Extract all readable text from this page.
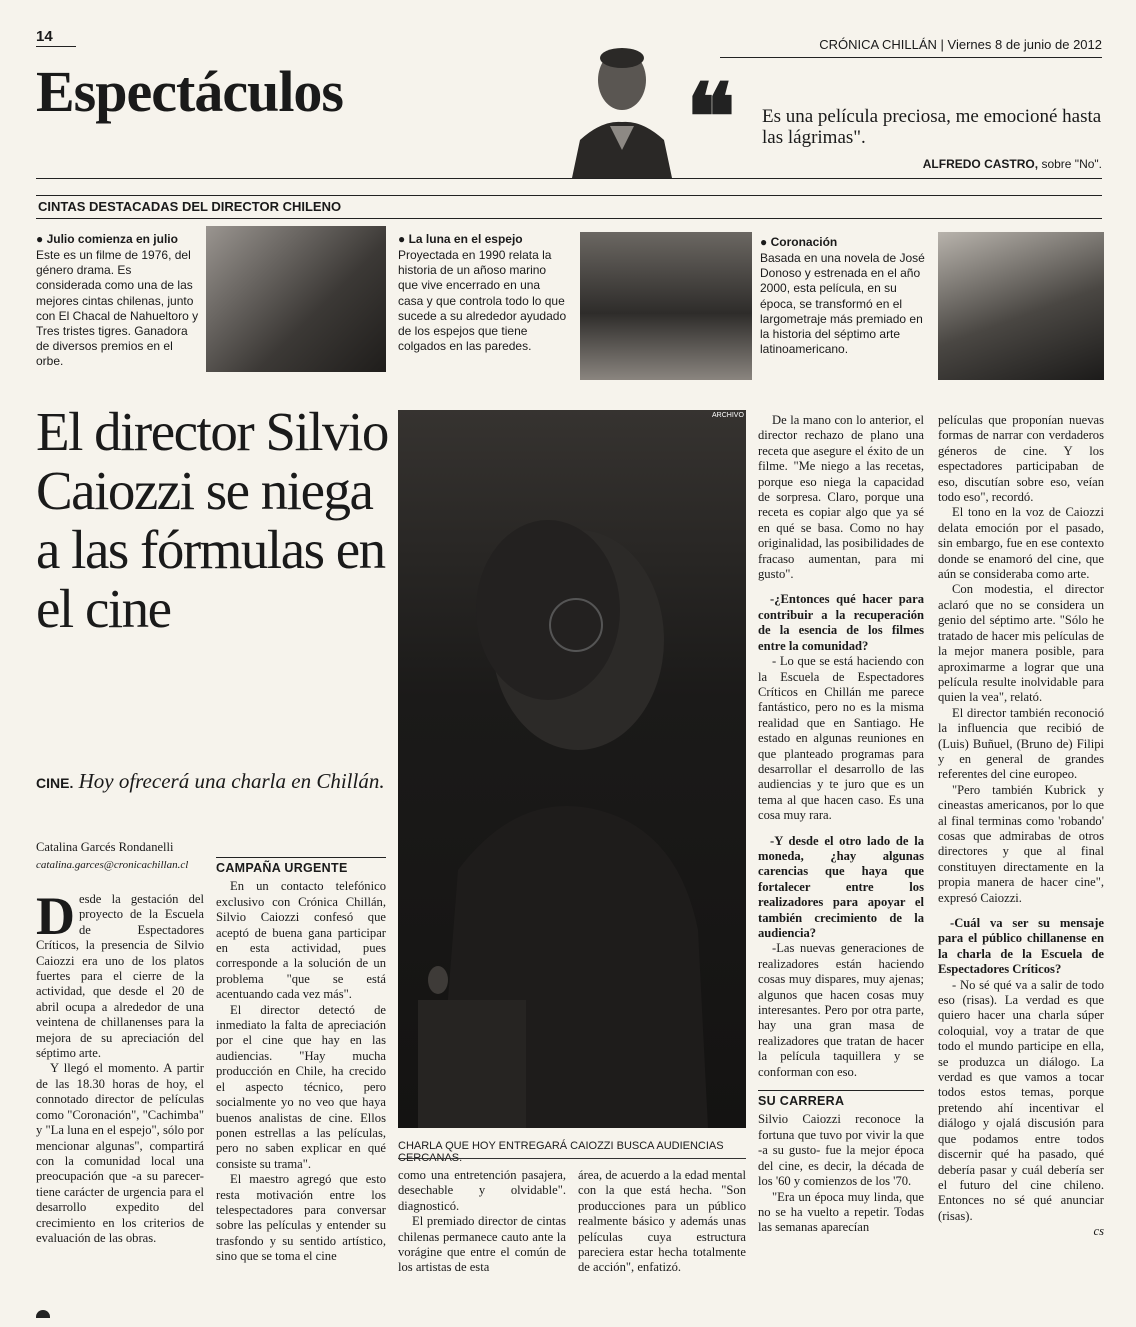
14	CRÓNICA CHILLÁN | Viernes 8 de junio de 2012
Espectáculos	❝ Es una película preciosa, me emocioné hasta las lágrimas".
ALFREDO CASTRO, sobre "No".
CINTAS DESTACADAS DEL DIRECTOR CHILENO
● Julio comienza en julio
Este es un filme de 1976, del género drama. Es considerada como una de las mejores cintas chilenas, junto con El Chacal de Nahueltoro y Tres tristes tigres. Ganadora de diversos premios en el orbe.
● La luna en el espejo
Proyectada en 1990 relata la historia de un añoso marino que vive encerrado en una casa y que controla todo lo que sucede a su alrededor ayudado de los espejos que tiene colgados en las paredes.
● Coronación
Basada en una novela de José Donoso y estrenada en el año 2000, esta película, en su época, se transformó en el largometraje más premiado en la historia del séptimo arte latinoamericano.
El director Silvio Caiozzi se niega a las fórmulas en el cine
CINE. Hoy ofrecerá una charla en Chillán.
Catalina Garcés Rondanelli
catalina.garces@cronicachillan.cl
ARCHIVO
CHARLA QUE HOY ENTREGARÁ CAIOZZI BUSCA AUDIENCIAS CERCANAS.
D esde la gestación del proyecto de la Escuela de Espectadores Críticos, la presencia de Silvio Caiozzi era uno de los platos fuertes para el cierre de la actividad, que desde el 20 de abril ocupa a alrededor de una veintena de chillanenses para la mejora de su apreciación del séptimo arte.

Y llegó el momento. A partir de las 18.30 horas de hoy, el connotado director de películas como "Coronación", "Cachimba" y "La luna en el espejo", sólo por mencionar algunas", compartirá con la comunidad local una preocupación que -a su parecer- tiene carácter de urgencia para el desarrollo expedito del crecimiento en los criterios de evaluación de las obras.

CAMPAÑA URGENTE

En un contacto telefónico exclusivo con Crónica Chillán, Silvio Caiozzi confesó que aceptó de buena gana participar en esta actividad, pues corresponde a la solución de un problema "que se está acentuando cada vez más".

El director detectó de inmediato la falta de apreciación por el cine que hay en las audiencias. "Hay mucha producción en Chile, ha crecido el aspecto técnico, pero socialmente yo no veo que haya buenos analistas de cine. Ellos ponen estrellas a las películas, pero no saben explicar en qué consiste su trama".

El maestro agregó que esto resta motivación entre los telespectadores para conversar sobre las películas y entender su trasfondo y su sentido artístico, sino que se toma el cine

como una entretención pasajera, desechable y olvidable". diagnosticó.

El premiado director de cintas chilenas permanece cauto ante la vorágine que entre el común de los artistas de esta

área, de acuerdo a la edad mental con la que está hecha. "Son producciones para un público realmente básico y además unas películas cuya estructura pareciera estar hecha totalmente de acción", enfatizó.

De la mano con lo anterior, el director rechazo de plano una receta que asegure el éxito de un filme. "Me niego a las recetas, porque eso niega la capacidad de sorpresa. Claro, porque una receta es copiar algo que ya sé en qué se basa. Como no hay originalidad, las posibilidades de fracaso aumentan, para mi gusto".

-¿Entonces qué hacer para contribuir a la recuperación de la esencia de los filmes entre la comunidad?

- Lo que se está haciendo con la Escuela de Espectadores Críticos en Chillán me parece fantástico, pero no es la misma realidad que en Santiago. He estado en algunas reuniones en que planteado programas para desarrollar el desarrollo de las audiencias y te juro que es un tema al que hacen caso. Es una cosa muy rara.

-Y desde el otro lado de la moneda, ¿hay algunas carencias que haya que fortalecer entre los realizadores para apoyar el también crecimiento de la audiencia?

-Las nuevas generaciones de realizadores están haciendo cosas muy dispares, muy ajenas; algunos que hacen cosas muy interesantes. Pero por otra parte, hay una gran masa de realizadores que tratan de hacer la película taquillera y se conforman con eso.

SU CARRERA

Silvio Caiozzi reconoce la fortuna que tuvo por vivir la que -a su gusto- fue la mejor época del cine, es decir, la década de los '60 y comienzos de los '70.

"Era un época muy linda, que no se ha vuelto a repetir. Todas las semanas aparecían

películas que proponían nuevas formas de narrar con verdaderos géneros de cine. Y los espectadores participaban de eso, discutían sobre eso, veían todo eso", recordó.

El tono en la voz de Caiozzi delata emoción por el pasado, sin embargo, fue en ese contexto donde se enamoró del cine, que aún se consideraba como arte.

Con modestia, el director aclaró que no se considera un genio del séptimo arte. "Sólo he tratado de hacer mis películas de la mejor manera posible, para aproximarme a lograr que una película resulte inolvidable para quien la vea", relató.

El director también reconoció la influencia que recibió de (Luis) Buñuel, (Bruno de) Filipi y en general de grandes referentes del cine europeo.

"Pero también Kubrick y cineastas americanos, por lo que al final terminas como 'robando' cosas que admirabas de otros directores y que al final constituyen directamente en la propia manera de hacer cine", expresó Caiozzi.

-Cuál va ser su mensaje para el público chillanense en la charla de la Escuela de Espectadores Críticos?

- No sé qué va a salir de todo eso (risas). La verdad es que quiero hacer una charla súper coloquial, voy a tratar de que todo el mundo participe en ella, se produzca un diálogo. La verdad es que vamos a tocar todos estos temas, porque pretendo ahí incentivar el diálogo y ojalá discusión para que podamos entre todos discernir qué ha pasado, qué debería pasar y cuál debería ser el futuro del cine chileno. Entonces no sé qué anunciar (risas).

cs
